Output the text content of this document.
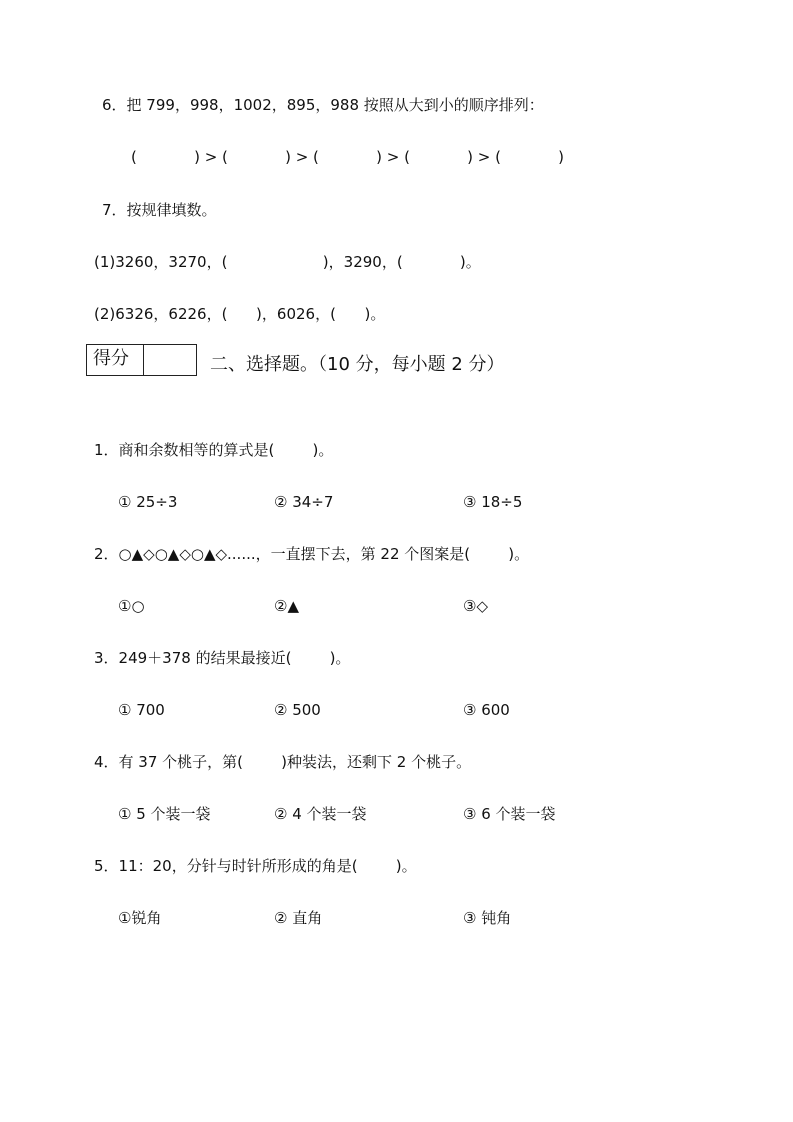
6．把 799，998，1002，895，988 按照从大到小的顺序排列：
(            ) > (            ) > (            ) > (            ) > (            )
7．按规律填数。
(1)3260，3270，(                    )，3290，(            )。
(2)6326，6226，(      )，6026，(      )。
得分	二、选择题。（10 分，每小题 2 分）
1．商和余数相等的算式是(        )。
① 25÷3	② 34÷7	③ 18÷5
2．○▲◇○▲◇○▲◇......，一直摆下去，第 22 个图案是(        )。
①○	②▲	③◇
3．249＋378 的结果最接近(        )。
① 700	② 500	③ 600
4．有 37 个桃子，第(        )种装法，还剩下 2 个桃子。
① 5 个装一袋	② 4 个装一袋	③ 6 个装一袋
5．11：20，分针与时针所形成的角是(        )。
①锐角	② 直角	③ 钝角
